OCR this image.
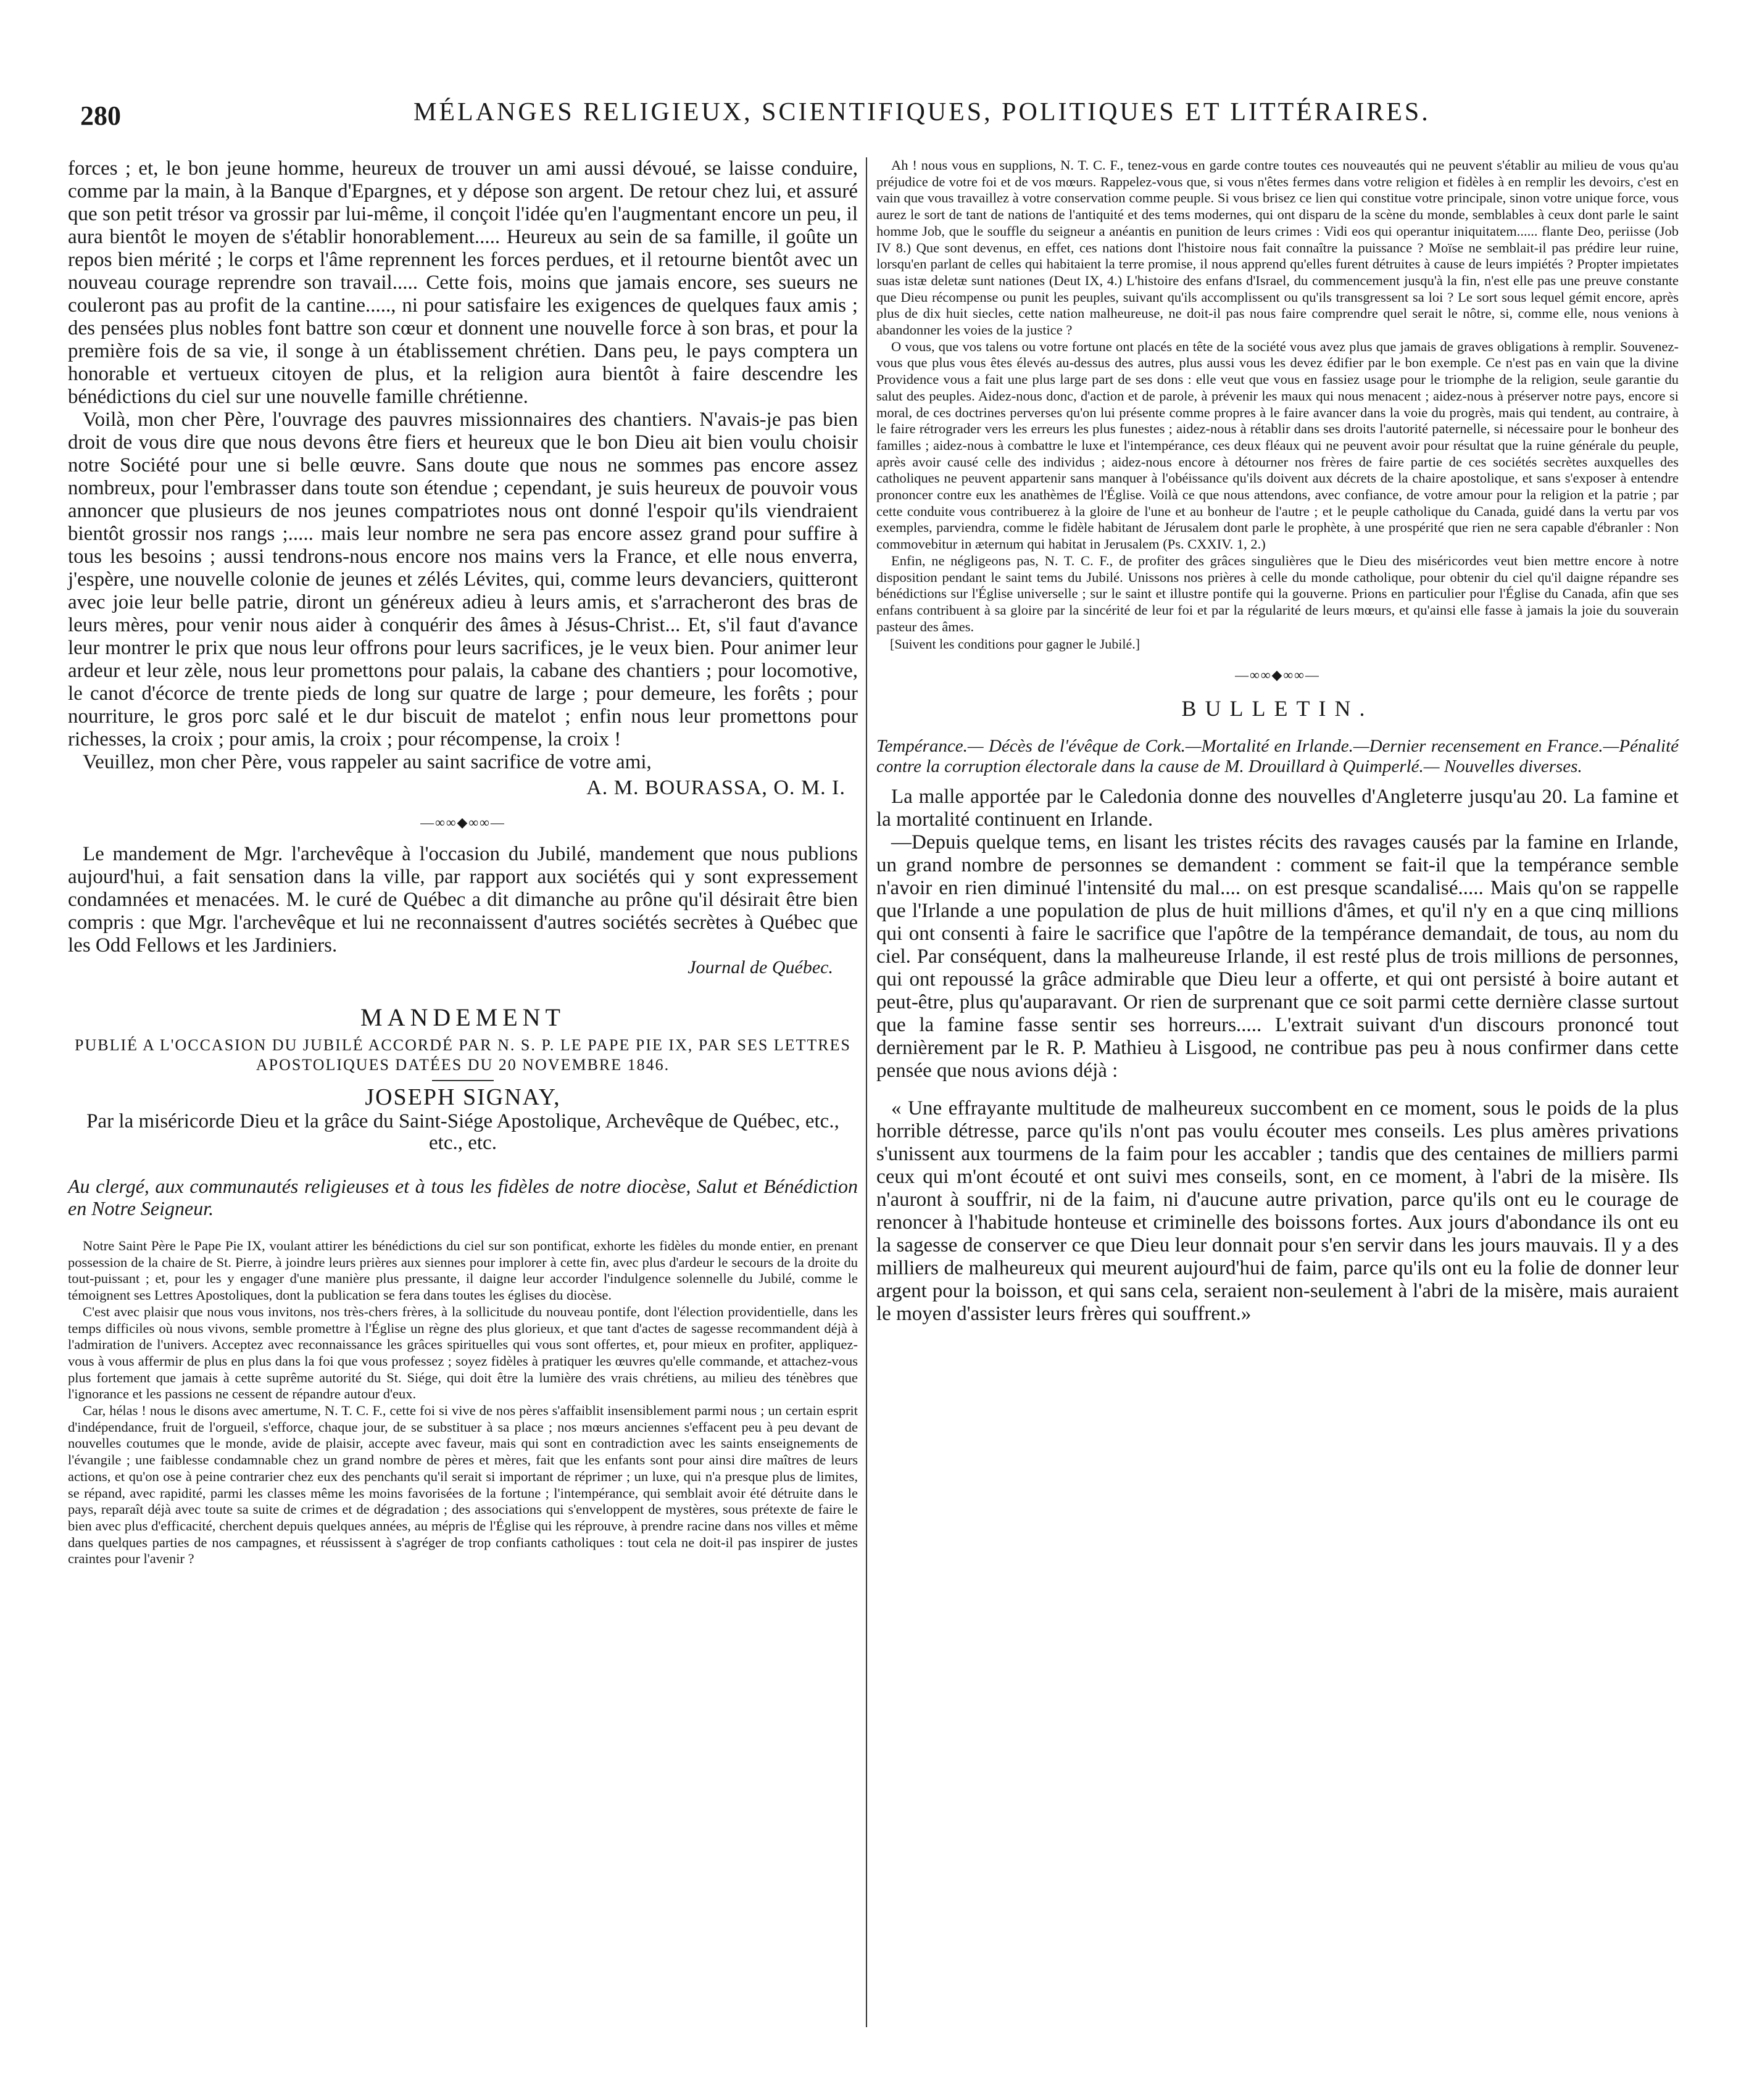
280	MÉLANGES RELIGIEUX, SCIENTIFIQUES, POLITIQUES ET LITTÉRAIRES.

forces ; et, le bon jeune homme, heureux de trouver un ami aussi dévoué, se laisse conduire, comme par la main, à la Banque d'Epargnes, et y dépose son argent. De retour chez lui, et assuré que son petit trésor va grossir par lui-même, il conçoit l'idée qu'en l'augmentant encore un peu, il aura bientôt le moyen de s'établir honorablement..... Heureux au sein de sa famille, il goûte un repos bien mérité ; le corps et l'âme reprennent les forces perdues, et il retourne bientôt avec un nouveau courage reprendre son travail..... Cette fois, moins que jamais encore, ses sueurs ne couleront pas au profit de la cantine....., ni pour satisfaire les exigences de quelques faux amis ; des pensées plus nobles font battre son cœur et donnent une nouvelle force à son bras, et pour la première fois de sa vie, il songe à un établissement chrétien. Dans peu, le pays comptera un honorable et vertueux citoyen de plus, et la religion aura bientôt à faire descendre les bénédictions du ciel sur une nouvelle famille chrétienne.

Voilà, mon cher Père, l'ouvrage des pauvres missionnaires des chantiers. N'avais-je pas bien droit de vous dire que nous devons être fiers et heureux que le bon Dieu ait bien voulu choisir notre Société pour une si belle œuvre. Sans doute que nous ne sommes pas encore assez nombreux, pour l'embrasser dans toute son étendue ; cependant, je suis heureux de pouvoir vous annoncer que plusieurs de nos jeunes compatriotes nous ont donné l'espoir qu'ils viendraient bientôt grossir nos rangs ;..... mais leur nombre ne sera pas encore assez grand pour suffire à tous les besoins ; aussi tendrons-nous encore nos mains vers la France, et elle nous enverra, j'espère, une nouvelle colonie de jeunes et zélés Lévites, qui, comme leurs devanciers, quitteront avec joie leur belle patrie, diront un généreux adieu à leurs amis, et s'arracheront des bras de leurs mères, pour venir nous aider à conquérir des âmes à Jésus-Christ... Et, s'il faut d'avance leur montrer le prix que nous leur offrons pour leurs sacrifices, je le veux bien. Pour animer leur ardeur et leur zèle, nous leur promettons pour palais, la cabane des chantiers ; pour locomotive, le canot d'écorce de trente pieds de long sur quatre de large ; pour demeure, les forêts ; pour nourriture, le gros porc salé et le dur biscuit de matelot ; enfin nous leur promettons pour richesses, la croix ; pour amis, la croix ; pour récompense, la croix !

Veuillez, mon cher Père, vous rappeler au saint sacrifice de votre ami,

A. M. BOURASSA, O. M. I.
—∞∞◆∞∞—

Le mandement de Mgr. l'archevêque à l'occasion du Jubilé, mandement que nous publions aujourd'hui, a fait sensation dans la ville, par rapport aux sociétés qui y sont expressement condamnées et menacées. M. le curé de Québec a dit dimanche au prône qu'il désirait être bien compris : que Mgr. l'archevêque et lui ne reconnaissent d'autres sociétés secrètes à Québec que les Odd Fellows et les Jardiniers.

Journal de Québec.
MANDEMENT
PUBLIÉ A L'OCCASION DU JUBILÉ ACCORDÉ PAR N. S. P. LE PAPE PIE IX, PAR SES LETTRES APOSTOLIQUES DATÉES DU 20 NOVEMBRE 1846.
JOSEPH SIGNAY,
Par la miséricorde Dieu et la grâce du Saint-Siége Apostolique, Archevêque de Québec, etc., etc., etc.

Au clergé, aux communautés religieuses et à tous les fidèles de notre diocèse, Salut et Bénédiction en Notre Seigneur.

Notre Saint Père le Pape Pie IX, voulant attirer les bénédictions du ciel sur son pontificat, exhorte les fidèles du monde entier, en prenant possession de la chaire de St. Pierre, à joindre leurs prières aux siennes pour implorer à cette fin, avec plus d'ardeur le secours de la droite du tout-puissant ; et, pour les y engager d'une manière plus pressante, il daigne leur accorder l'indulgence solennelle du Jubilé, comme le témoignent ses Lettres Apostoliques, dont la publication se fera dans toutes les églises du diocèse.

C'est avec plaisir que nous vous invitons, nos très-chers frères, à la sollicitude du nouveau pontife, dont l'élection providentielle, dans les temps difficiles où nous vivons, semble promettre à l'Église un règne des plus glorieux, et que tant d'actes de sagesse recommandent déjà à l'admiration de l'univers. Acceptez avec reconnaissance les grâces spirituelles qui vous sont offertes, et, pour mieux en profiter, appliquez-vous à vous affermir de plus en plus dans la foi que vous professez ; soyez fidèles à pratiquer les œuvres qu'elle commande, et attachez-vous plus fortement que jamais à cette suprême autorité du St. Siége, qui doit être la lumière des vrais chrétiens, au milieu des ténèbres que l'ignorance et les passions ne cessent de répandre autour d'eux.

Car, hélas ! nous le disons avec amertume, N. T. C. F., cette foi si vive de nos pères s'affaiblit insensiblement parmi nous ; un certain esprit d'indépendance, fruit de l'orgueil, s'efforce, chaque jour, de se substituer à sa place ; nos mœurs anciennes s'effacent peu à peu devant de nouvelles coutumes que le monde, avide de plaisir, accepte avec faveur, mais qui sont en contradiction avec les saints enseignements de l'évangile ; une faiblesse condamnable chez un grand nombre de pères et mères, fait que les enfants sont pour ainsi dire maîtres de leurs actions, et qu'on ose à peine contrarier chez eux des penchants qu'il serait si important de réprimer ; un luxe, qui n'a presque plus de limites, se répand, avec rapidité, parmi les classes même les moins favorisées de la fortune ; l'intempérance, qui semblait avoir été détruite dans le pays, reparaît déjà avec toute sa suite de crimes et de dégradation ; des associations qui s'enveloppent de mystères, sous prétexte de faire le bien avec plus d'efficacité, cherchent depuis quelques années, au mépris de l'Église qui les réprouve, à prendre racine dans nos villes et même dans quelques parties de nos campagnes, et réussissent à s'agréger de trop confiants catholiques : tout cela ne doit-il pas inspirer de justes craintes pour l'avenir ?

Ah ! nous vous en supplions, N. T. C. F., tenez-vous en garde contre toutes ces nouveautés qui ne peuvent s'établir au milieu de vous qu'au préjudice de votre foi et de vos mœurs. Rappelez-vous que, si vous n'êtes fermes dans votre religion et fidèles à en remplir les devoirs, c'est en vain que vous travaillez à votre conservation comme peuple. Si vous brisez ce lien qui constitue votre principale, sinon votre unique force, vous aurez le sort de tant de nations de l'antiquité et des tems modernes, qui ont disparu de la scène du monde, semblables à ceux dont parle le saint homme Job, que le souffle du seigneur a anéantis en punition de leurs crimes : Vidi eos qui operantur iniquitatem...... flante Deo, periisse (Job IV 8.) Que sont devenus, en effet, ces nations dont l'histoire nous fait connaître la puissance ? Moïse ne semblait-il pas prédire leur ruine, lorsqu'en parlant de celles qui habitaient la terre promise, il nous apprend qu'elles furent détruites à cause de leurs impiétés ? Propter impietates suas istæ deletæ sunt nationes (Deut IX, 4.) L'histoire des enfans d'Israel, du commencement jusqu'à la fin, n'est elle pas une preuve constante que Dieu récompense ou punit les peuples, suivant qu'ils accomplissent ou qu'ils transgressent sa loi ? Le sort sous lequel gémit encore, après plus de dix huit siecles, cette nation malheureuse, ne doit-il pas nous faire comprendre quel serait le nôtre, si, comme elle, nous venions à abandonner les voies de la justice ?

O vous, que vos talens ou votre fortune ont placés en tête de la société vous avez plus que jamais de graves obligations à remplir. Souvenez-vous que plus vous êtes élevés au-dessus des autres, plus aussi vous les devez édifier par le bon exemple. Ce n'est pas en vain que la divine Providence vous a fait une plus large part de ses dons : elle veut que vous en fassiez usage pour le triomphe de la religion, seule garantie du salut des peuples. Aidez-nous donc, d'action et de parole, à prévenir les maux qui nous menacent ; aidez-nous à préserver notre pays, encore si moral, de ces doctrines perverses qu'on lui présente comme propres à le faire avancer dans la voie du progrès, mais qui tendent, au contraire, à le faire rétrograder vers les erreurs les plus funestes ; aidez-nous à rétablir dans ses droits l'autorité paternelle, si nécessaire pour le bonheur des familles ; aidez-nous à combattre le luxe et l'intempérance, ces deux fléaux qui ne peuvent avoir pour résultat que la ruine générale du peuple, après avoir causé celle des individus ; aidez-nous encore à détourner nos frères de faire partie de ces sociétés secrètes auxquelles des catholiques ne peuvent appartenir sans manquer à l'obéissance qu'ils doivent aux décrets de la chaire apostolique, et sans s'exposer à entendre prononcer contre eux les anathèmes de l'Église. Voilà ce que nous attendons, avec confiance, de votre amour pour la religion et la patrie ; par cette conduite vous contribuerez à la gloire de l'une et au bonheur de l'autre ; et le peuple catholique du Canada, guidé dans la vertu par vos exemples, parviendra, comme le fidèle habitant de Jérusalem dont parle le prophète, à une prospérité que rien ne sera capable d'ébranler : Non commovebitur in æternum qui habitat in Jerusalem (Ps. CXXIV. 1, 2.)

Enfin, ne négligeons pas, N. T. C. F., de profiter des grâces singulières que le Dieu des miséricordes veut bien mettre encore à notre disposition pendant le saint tems du Jubilé. Unissons nos prières à celle du monde catholique, pour obtenir du ciel qu'il daigne répandre ses bénédictions sur l'Église universelle ; sur le saint et illustre pontife qui la gouverne. Prions en particulier pour l'Église du Canada, afin que ses enfans contribuent à sa gloire par la sincérité de leur foi et par la régularité de leurs mœurs, et qu'ainsi elle fasse à jamais la joie du souverain pasteur des âmes.

[Suivent les conditions pour gagner le Jubilé.]
—∞∞◆∞∞—
BULLETIN.

Tempérance.— Décès de l'évêque de Cork.—Mortalité en Irlande.—Dernier recensement en France.—Pénalité contre la corruption électorale dans la cause de M. Drouillard à Quimperlé.— Nouvelles diverses.

La malle apportée par le Caledonia donne des nouvelles d'Angleterre jusqu'au 20. La famine et la mortalité continuent en Irlande.

—Depuis quelque tems, en lisant les tristes récits des ravages causés par la famine en Irlande, un grand nombre de personnes se demandent : comment se fait-il que la tempérance semble n'avoir en rien diminué l'intensité du mal.... on est presque scandalisé..... Mais qu'on se rappelle que l'Irlande a une population de plus de huit millions d'âmes, et qu'il n'y en a que cinq millions qui ont consenti à faire le sacrifice que l'apôtre de la tempérance demandait, de tous, au nom du ciel. Par conséquent, dans la malheureuse Irlande, il est resté plus de trois millions de personnes, qui ont repoussé la grâce admirable que Dieu leur a offerte, et qui ont persisté à boire autant et peut-être, plus qu'auparavant. Or rien de surprenant que ce soit parmi cette dernière classe surtout que la famine fasse sentir ses horreurs..... L'extrait suivant d'un discours prononcé tout dernièrement par le R. P. Mathieu à Lisgood, ne contribue pas peu à nous confirmer dans cette pensée que nous avions déjà :

« Une effrayante multitude de malheureux succombent en ce moment, sous le poids de la plus horrible détresse, parce qu'ils n'ont pas voulu écouter mes conseils. Les plus amères privations s'unissent aux tourmens de la faim pour les accabler ; tandis que des centaines de milliers parmi ceux qui m'ont écouté et ont suivi mes conseils, sont, en ce moment, à l'abri de la misère. Ils n'auront à souffrir, ni de la faim, ni d'aucune autre privation, parce qu'ils ont eu le courage de renoncer à l'habitude honteuse et criminelle des boissons fortes. Aux jours d'abondance ils ont eu la sagesse de conserver ce que Dieu leur donnait pour s'en servir dans les jours mauvais. Il y a des milliers de malheureux qui meurent aujourd'hui de faim, parce qu'ils ont eu la folie de donner leur argent pour la boisson, et qui sans cela, seraient non-seulement à l'abri de la misère, mais auraient le moyen d'assister leurs frères qui souffrent.»
